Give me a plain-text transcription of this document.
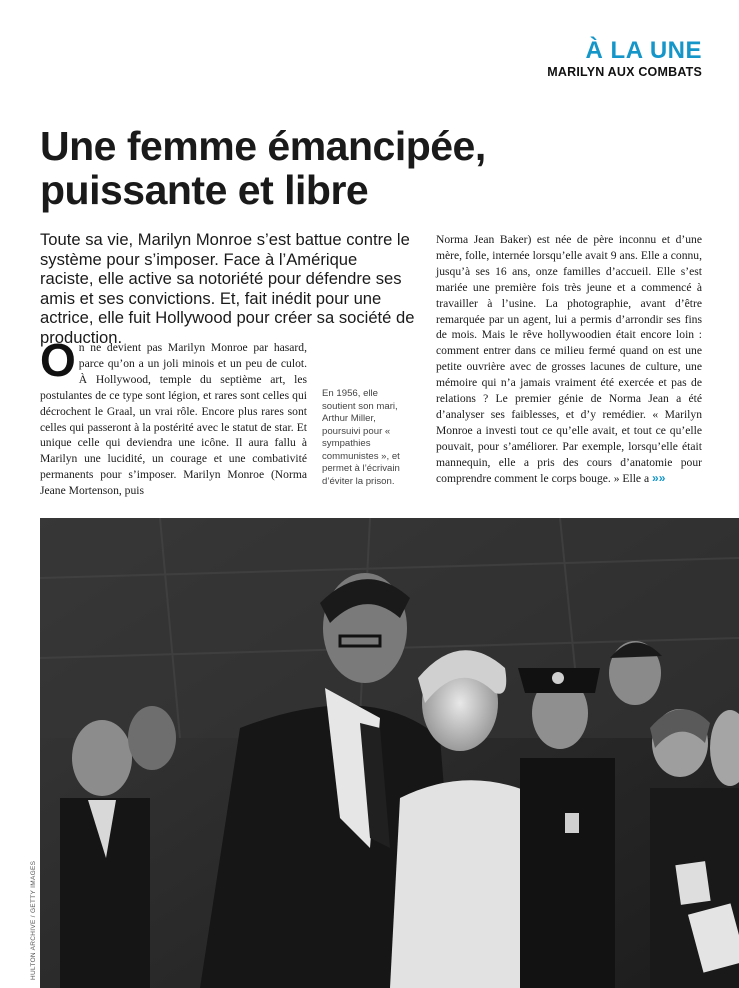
À LA UNE
MARILYN AUX COMBATS
Une femme émancipée, puissante et libre

Toute sa vie, Marilyn Monroe s’est battue contre le système pour s’imposer. Face à l’Amérique raciste, elle active sa notoriété pour défendre ses amis et ses convictions. Et, fait inédit pour une actrice, elle fuit Hollywood pour créer sa société de production.

On ne devient pas Marilyn Monroe par hasard, parce qu’on a un joli minois et un peu de culot. À Hollywood, temple du septième art, les postulantes de ce type sont légion, et rares sont celles qui décrochent le Graal, un vrai rôle. Encore plus rares sont celles qui passeront à la postérité avec le statut de star. Et unique celle qui deviendra une icône. Il aura fallu à Marilyn une lucidité, un courage et une combativité permanents pour s’imposer. Marilyn Monroe (Norma Jeane Mortenson, puis
En 1956, elle soutient son mari, Arthur Miller, poursuivi pour « sympathies communistes », et permet à l’écrivain d’éviter la prison.
Norma Jean Baker) est née de père inconnu et d’une mère, folle, internée lorsqu’elle avait 9 ans. Elle a connu, jusqu’à ses 16 ans, onze familles d’accueil. Elle s’est mariée une première fois très jeune et a commencé à travailler à l’usine. La photographie, avant d’être remarquée par un agent, lui a permis d’arrondir ses fins de mois. Mais le rêve hollywoodien était encore loin : comment entrer dans ce milieu fermé quand on est une petite ouvrière avec de grosses lacunes de culture, une mémoire qui n’a jamais vraiment été exercée et pas de relations ? Le premier génie de Norma Jean a été d’analyser ses faiblesses, et d’y remédier. « Marilyn Monroe a investi tout ce qu’elle avait, et tout ce qu’elle pouvait, pour s’améliorer. Par exemple, lorsqu’elle était mannequin, elle a pris des cours d’anatomie pour comprendre comment le corps bouge. » Elle a »»
HULTON ARCHIVE / GETTY IMAGES
